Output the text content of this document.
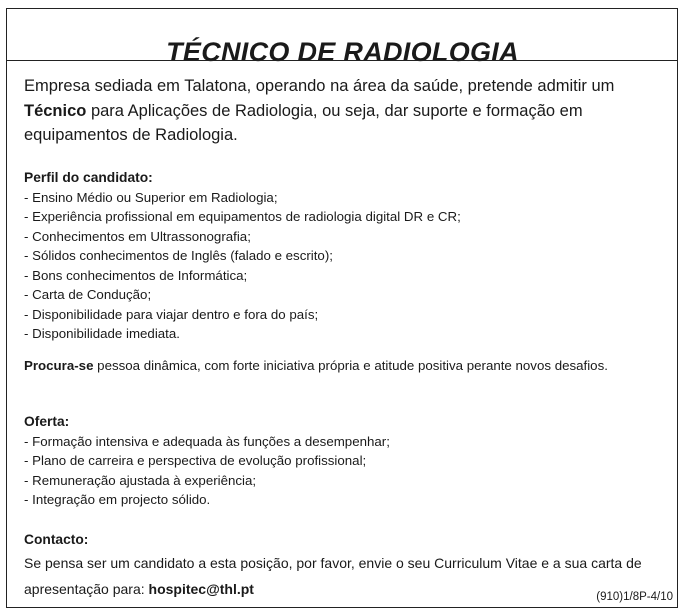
TÉCNICO DE RADIOLOGIA

Empresa sediada em Talatona, operando na área da saúde, pretende admitir um Técnico para Aplicações de Radiologia, ou seja, dar suporte e formação em equipamentos de Radiologia.

Perfil do candidato:
- Ensino Médio ou Superior em Radiologia;
- Experiência profissional em equipamentos de radiologia digital DR e CR;
- Conhecimentos em Ultrassonografia;
- Sólidos conhecimentos de Inglês (falado e escrito);
- Bons conhecimentos de Informática;
- Carta de Condução;
- Disponibilidade para viajar dentro e fora do país;
- Disponibilidade imediata.

Procura-se pessoa dinâmica, com forte iniciativa própria e atitude positiva perante novos desafios.

Oferta:
- Formação intensiva e adequada às funções a desempenhar;
- Plano de carreira e perspectiva de evolução profissional;
- Remuneração ajustada à experiência;
- Integração em projecto sólido.
Contacto:

Se pensa ser um candidato a esta posição, por favor, envie o seu Curriculum Vitae e a sua carta de apresentação para: hospitec@thl.pt	(910)1/8P-4/10
